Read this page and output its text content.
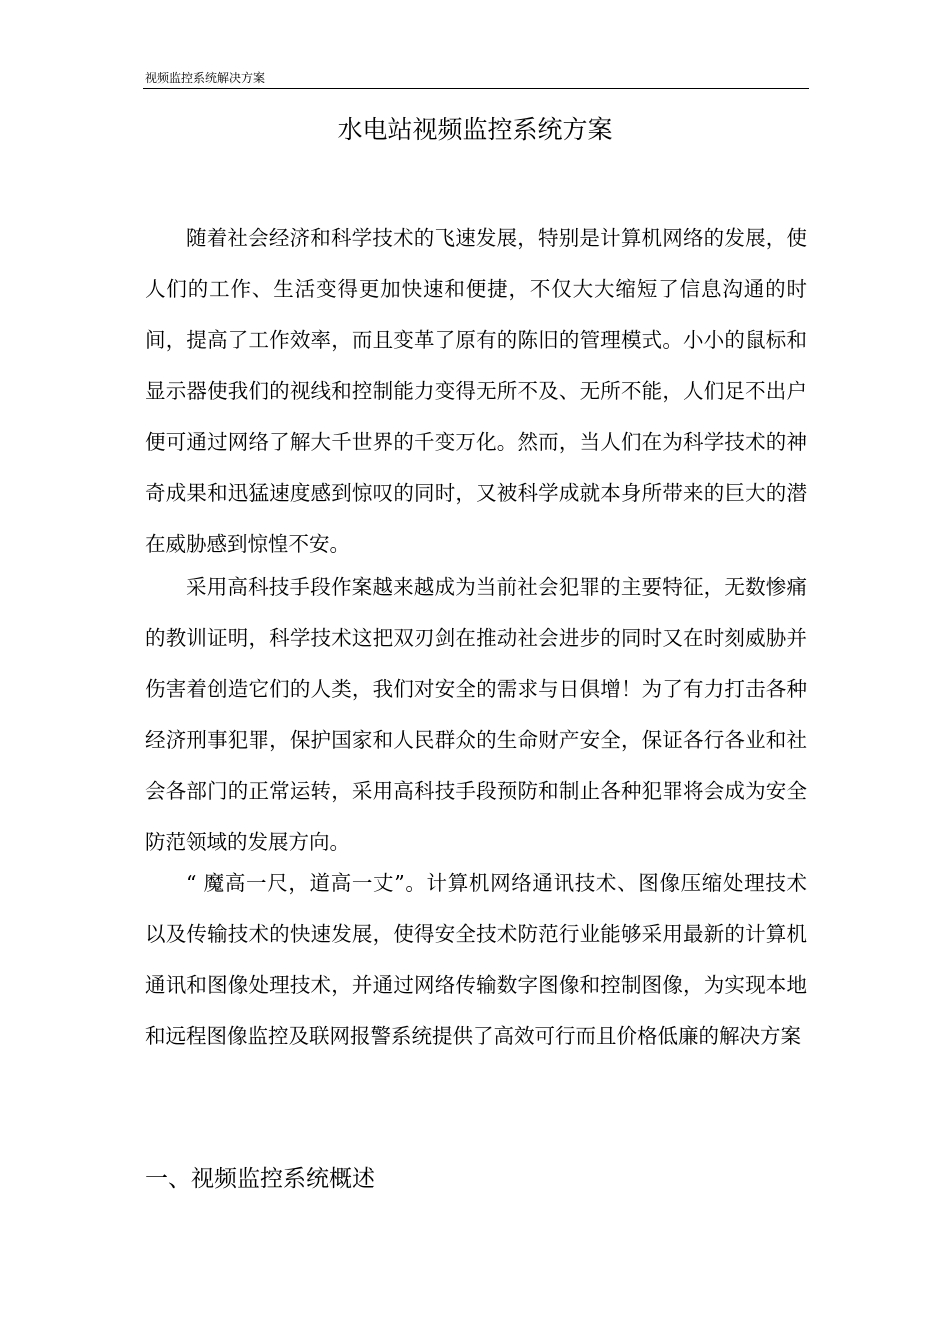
视频监控系统解决方案
水电站视频监控系统方案

随着社会经济和科学技术的飞速发展，特别是计算机网络的发展，使人们的工作、生活变得更加快速和便捷，不仅大大缩短了信息沟通的时间，提高了工作效率，而且变革了原有的陈旧的管理模式。小小的鼠标和显示器使我们的视线和控制能力变得无所不及、无所不能，人们足不出户便可通过网络了解大千世界的千变万化。然而，当人们在为科学技术的神奇成果和迅猛速度感到惊叹的同时，又被科学成就本身所带来的巨大的潜在威胁感到惊惶不安。

采用高科技手段作案越来越成为当前社会犯罪的主要特征，无数惨痛的教训证明，科学技术这把双刃剑在推动社会进步的同时又在时刻威胁并伤害着创造它们的人类，我们对安全的需求与日俱增！为了有力打击各种经济刑事犯罪，保护国家和人民群众的生命财产安全，保证各行各业和社会各部门的正常运转，采用高科技手段预防和制止各种犯罪将会成为安全防范领域的发展方向。

“ 魔高一尺，道高一丈”。计算机网络通讯技术、图像压缩处理技术以及传输技术的快速发展，使得安全技术防范行业能够采用最新的计算机通讯和图像处理技术，并通过网络传输数字图像和控制图像，为实现本地和远程图像监控及联网报警系统提供了高效可行而且价格低廉的解决方案

一、视频监控系统概述
